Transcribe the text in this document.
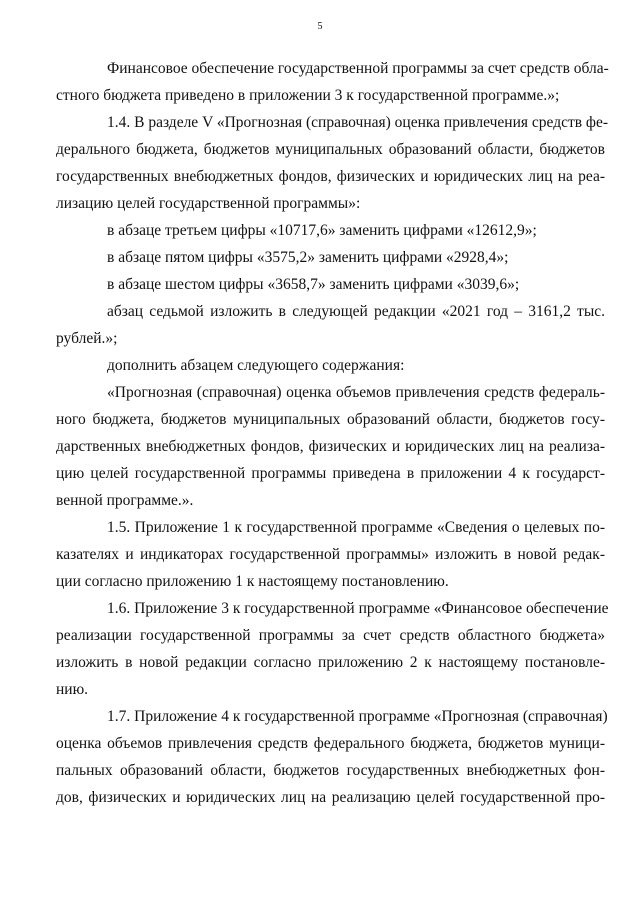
5
Финансовое обеспечение государственной программы за счет средств обла-
стного бюджета приведено в приложении 3 к государственной программе.»;
1.4. В разделе V «Прогнозная (справочная) оценка привлечения средств фе-
дерального бюджета, бюджетов муниципальных образований области, бюджетов
государственных внебюджетных фондов, физических и юридических лиц на реа-
лизацию целей государственной программы»:
в абзаце третьем цифры «10717,6» заменить цифрами «12612,9»;
в абзаце пятом цифры «3575,2» заменить цифрами «2928,4»;
в абзаце шестом цифры «3658,7» заменить цифрами «3039,6»;
абзац седьмой изложить в следующей редакции «2021 год – 3161,2 тыс.
рублей.»;
дополнить абзацем следующего содержания:
«Прогнозная (справочная) оценка объемов привлечения средств федераль-
ного бюджета, бюджетов муниципальных образований области, бюджетов госу-
дарственных внебюджетных фондов, физических и юридических лиц на реализа-
цию целей государственной программы приведена в приложении 4 к государст-
венной программе.».
1.5. Приложение 1 к государственной программе «Сведения о целевых по-
казателях и индикаторах государственной программы» изложить в новой редак-
ции согласно приложению 1 к настоящему постановлению.
1.6. Приложение 3 к государственной программе «Финансовое обеспечение
реализации государственной программы за счет средств областного бюджета»
изложить в новой редакции согласно приложению 2 к настоящему постановле-
нию.
1.7. Приложение 4 к государственной программе «Прогнозная (справочная)
оценка объемов привлечения средств федерального бюджета, бюджетов муници-
пальных образований области, бюджетов государственных внебюджетных фон-
дов, физических и юридических лиц на реализацию целей государственной про-
